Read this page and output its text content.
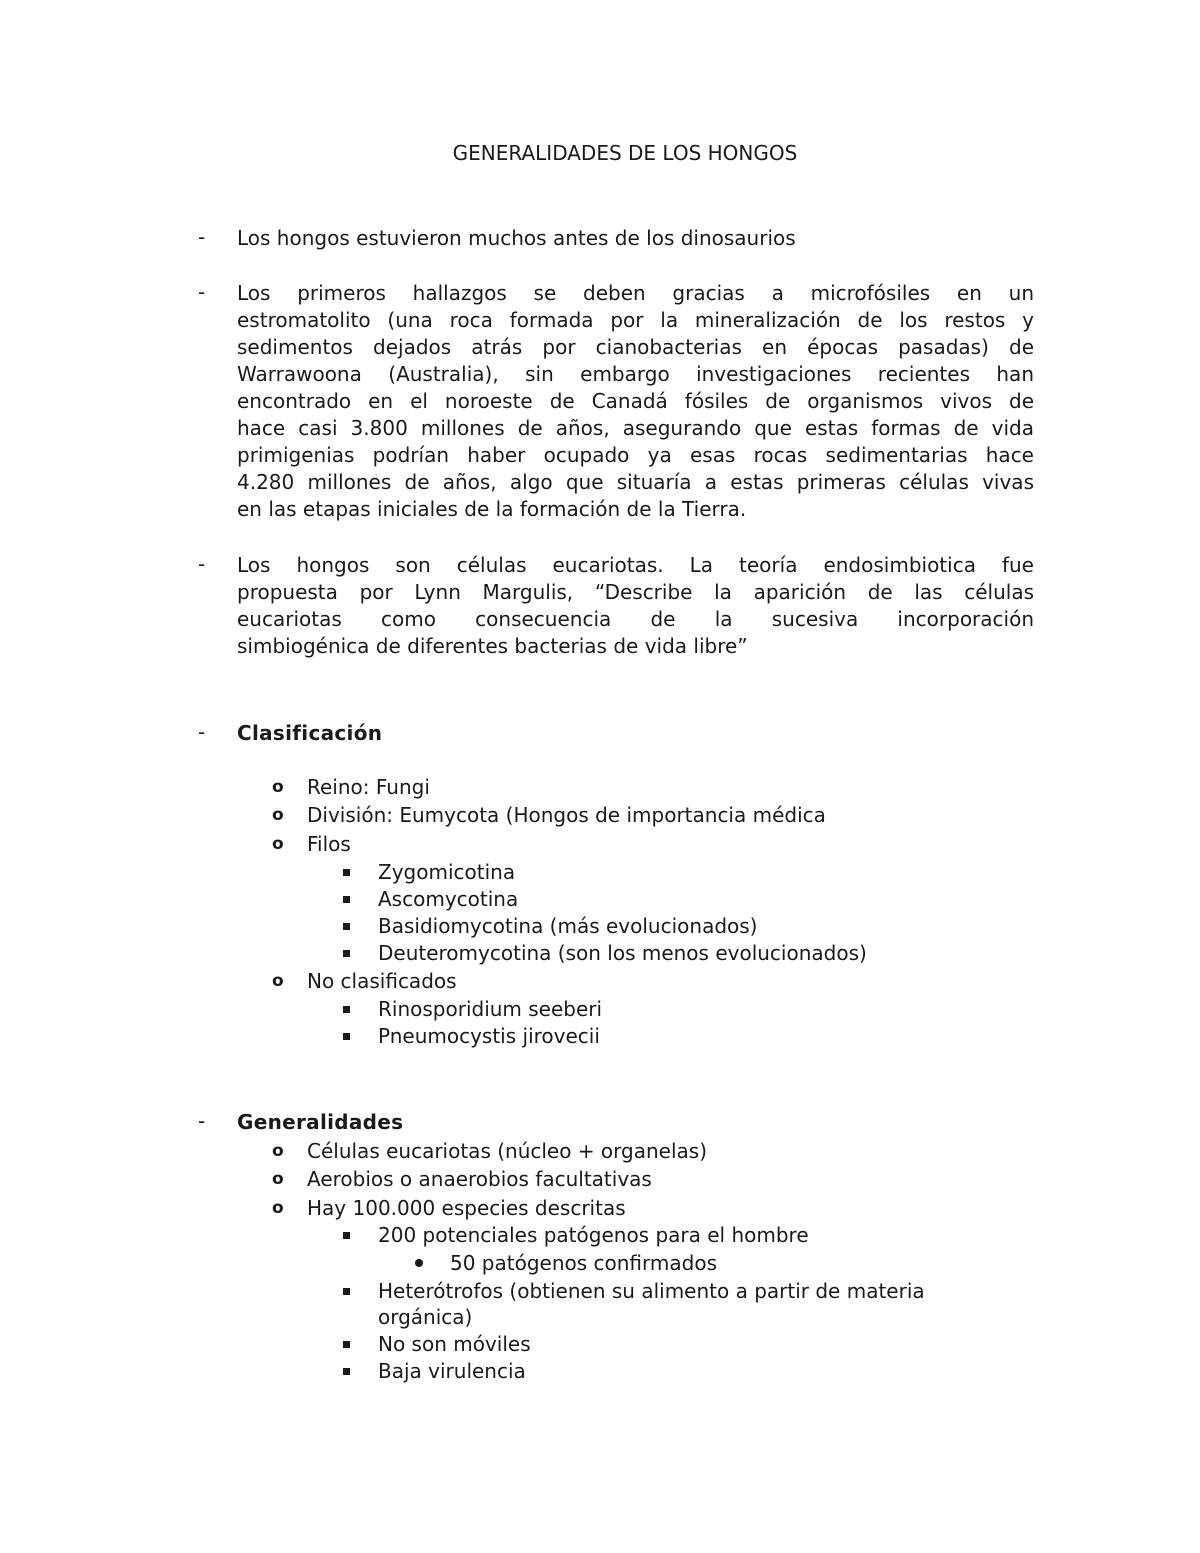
GENERALIDADES DE LOS HONGOS
-	Los hongos estuvieron muchos antes de los dinosaurios
-	Los primeros hallazgos se deben gracias a microfósiles en un
estromatolito (una roca formada por la mineralización de los restos y
sedimentos dejados atrás por cianobacterias en épocas pasadas) de
Warrawoona (Australia), sin embargo investigaciones recientes han
encontrado en el noroeste de Canadá fósiles de organismos vivos de
hace casi 3.800 millones de años, asegurando que estas formas de vida
primigenias podrían haber ocupado ya esas rocas sedimentarias hace
4.280 millones de años, algo que situaría a estas primeras células vivas
en las etapas iniciales de la formación de la Tierra.
-	Los hongos son células eucariotas. La teoría endosimbiotica fue
propuesta por Lynn Margulis, “Describe la aparición de las células
eucariotas como consecuencia de la sucesiva incorporación
simbiogénica de diferentes bacterias de vida libre”
-	Clasificación
o Reino: Fungi
o División: Eumycota (Hongos de importancia médica
o Filos
Zygomicotina
Ascomycotina
Basidiomycotina (más evolucionados)
Deuteromycotina (son los menos evolucionados)
o No clasificados
Rinosporidium seeberi
Pneumocystis jirovecii
-	Generalidades
o Células eucariotas (núcleo + organelas)
o Aerobios o anaerobios facultativas
o Hay 100.000 especies descritas
200 potenciales patógenos para el hombre
50 patógenos confirmados
Heterótrofos (obtienen su alimento a partir de materia
orgánica)
No son móviles
Baja virulencia
